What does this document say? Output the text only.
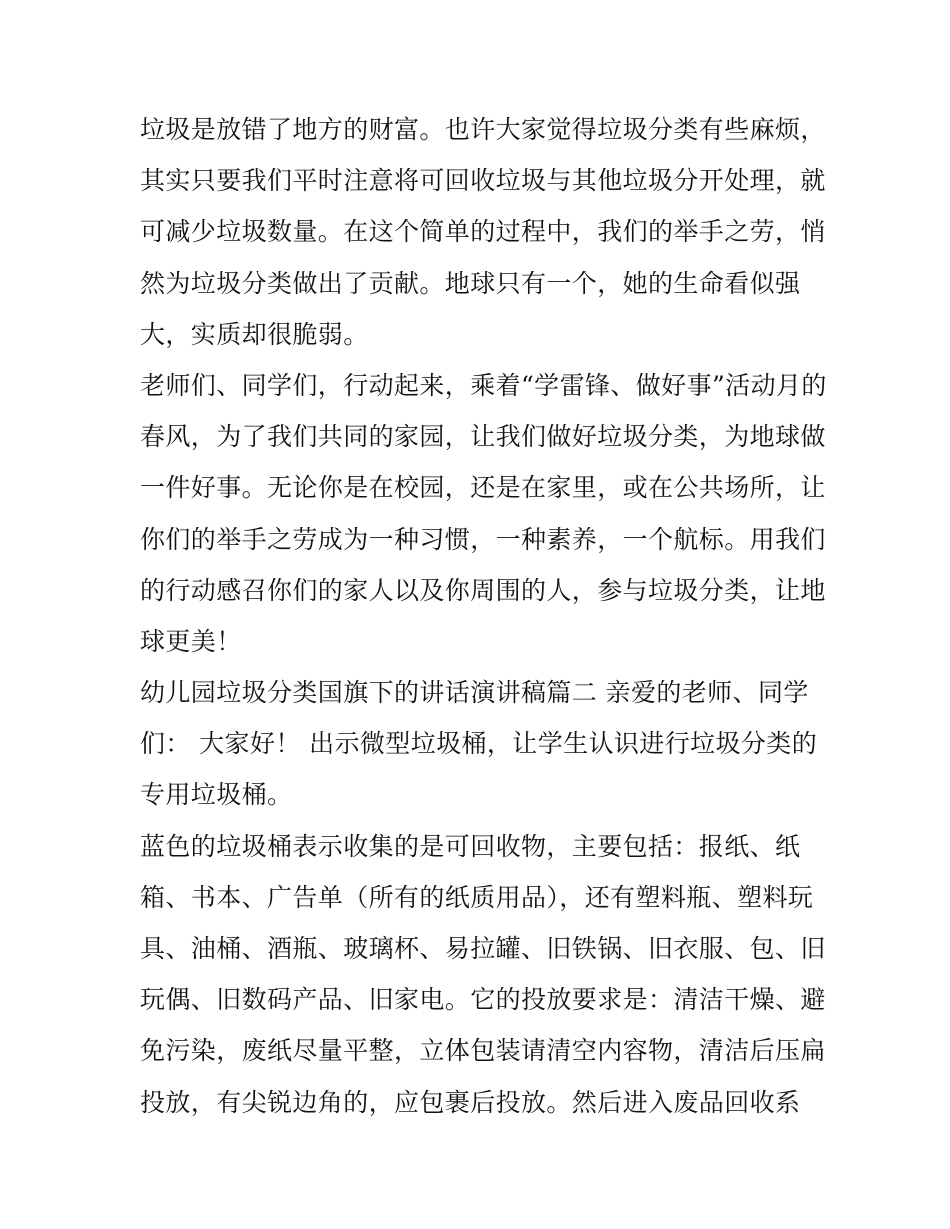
垃圾是放错了地方的财富。也许大家觉得垃圾分类有些麻烦，
其实只要我们平时注意将可回收垃圾与其他垃圾分开处理，就
可减少垃圾数量。在这个简单的过程中，我们的举手之劳，悄
然为垃圾分类做出了贡献。地球只有一个，她的生命看似强
大，实质却很脆弱。
老师们、同学们，行动起来，乘着“学雷锋、做好事”活动月的
春风，为了我们共同的家园，让我们做好垃圾分类，为地球做
一件好事。无论你是在校园，还是在家里，或在公共场所，让
你们的举手之劳成为一种习惯，一种素养，一个航标。用我们
的行动感召你们的家人以及你周围的人，参与垃圾分类，让地
球更美！
幼儿园垃圾分类国旗下的讲话演讲稿篇二 亲爱的老师、同学
们： 大家好！ 出示微型垃圾桶，让学生认识进行垃圾分类的
专用垃圾桶。
蓝色的垃圾桶表示收集的是可回收物，主要包括：报纸、纸
箱、书本、广告单（所有的纸质用品），还有塑料瓶、塑料玩
具、油桶、酒瓶、玻璃杯、易拉罐、旧铁锅、旧衣服、包、旧
玩偶、旧数码产品、旧家电。它的投放要求是：清洁干燥、避
免污染，废纸尽量平整，立体包装请清空内容物，清洁后压扁
投放，有尖锐边角的，应包裹后投放。然后进入废品回收系
